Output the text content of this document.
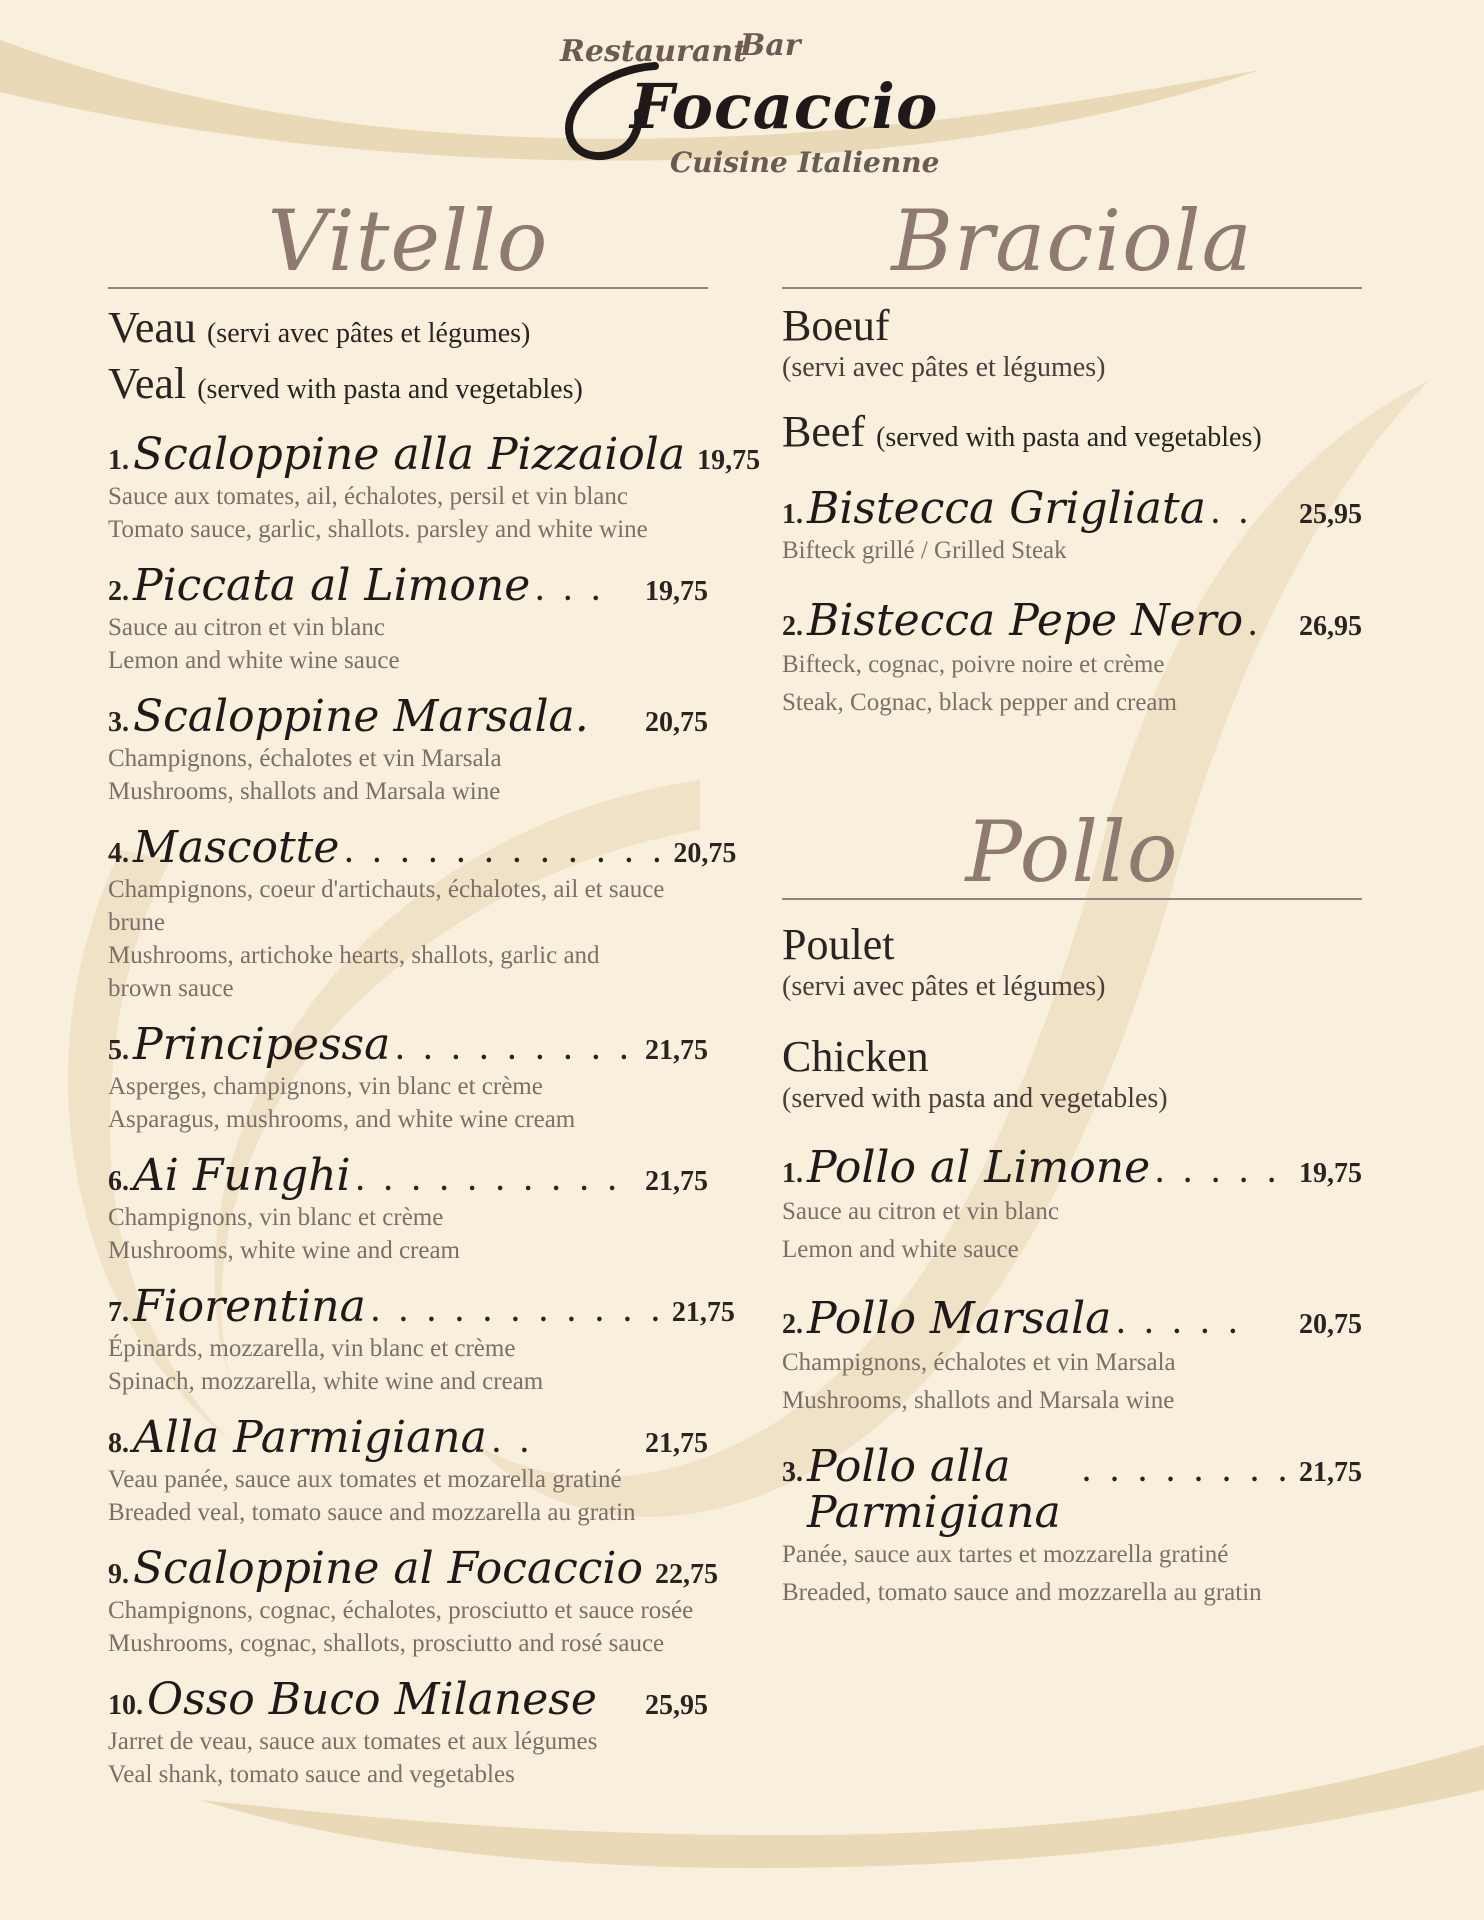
Restaurant
Bar
Focaccio
Cuisine Italienne
Vitello
Veau (servi avec pâtes et légumes)
Veal (served with pasta and vegetables)
1. Scaloppine alla Pizzaiola 19,75
Sauce aux tomates, ail, échalotes, persil et vin blanc
Tomato sauce, garlic, shallots. parsley and white wine
2. Piccata al Limone . . .	19,75
Sauce au citron et vin blanc
Lemon and white wine sauce
3. Scaloppine Marsala. 20,75
Champignons, échalotes et vin Marsala
Mushrooms, shallots and Marsala wine
4. Mascotte . . . . . . . . . . . . 20,75
Champignons, coeur d'artichauts, échalotes, ail et sauce brune
Mushrooms, artichoke hearts, shallots, garlic and brown sauce
5. Principessa . . . . . . . . . 21,75
Asperges, champignons, vin blanc et crème
Asparagus, mushrooms, and white wine cream
6. Ai Funghi . . . . . . . . . . 21,75
Champignons, vin blanc et crème
Mushrooms, white wine and cream
7. Fiorentina . . . . . . . . . . . 21,75
Épinards, mozzarella, vin blanc et crème
Spinach, mozzarella, white wine and cream
8. Alla Parmigiana . .	21,75
Veau panée, sauce aux tomates et mozarella gratiné
Breaded veal, tomato sauce and mozzarella au gratin
9. Scaloppine al Focaccio 22,75
Champignons, cognac, échalotes, prosciutto et sauce rosée
Mushrooms, cognac, shallots, prosciutto and rosé sauce
10. Osso Buco Milanese 25,95
Jarret de veau, sauce aux tomates et aux légumes
Veal shank, tomato sauce and vegetables
Braciola
Boeuf
(servi avec pâtes et légumes)
Beef (served with pasta and vegetables)
1. Bistecca Grigliata . .	25,95
Bifteck grillé / Grilled Steak
2. Bistecca Pepe Nero .	26,95
Bifteck, cognac, poivre noire et crème
Steak, Cognac, black pepper and cream
Pollo
Poulet
(servi avec pâtes et légumes)
Chicken
(served with pasta and vegetables)
1. Pollo al Limone . . . . . 19,75
Sauce au citron et vin blanc
Lemon and white sauce
2. Pollo Marsala . . . . .	20,75
Champignons, échalotes et vin Marsala
Mushrooms, shallots and Marsala wine
3. Pollo alla Parmigiana
. . . . . . . . 21,75
Panée, sauce aux tartes et mozzarella gratiné
Breaded, tomato sauce and mozzarella au gratin
